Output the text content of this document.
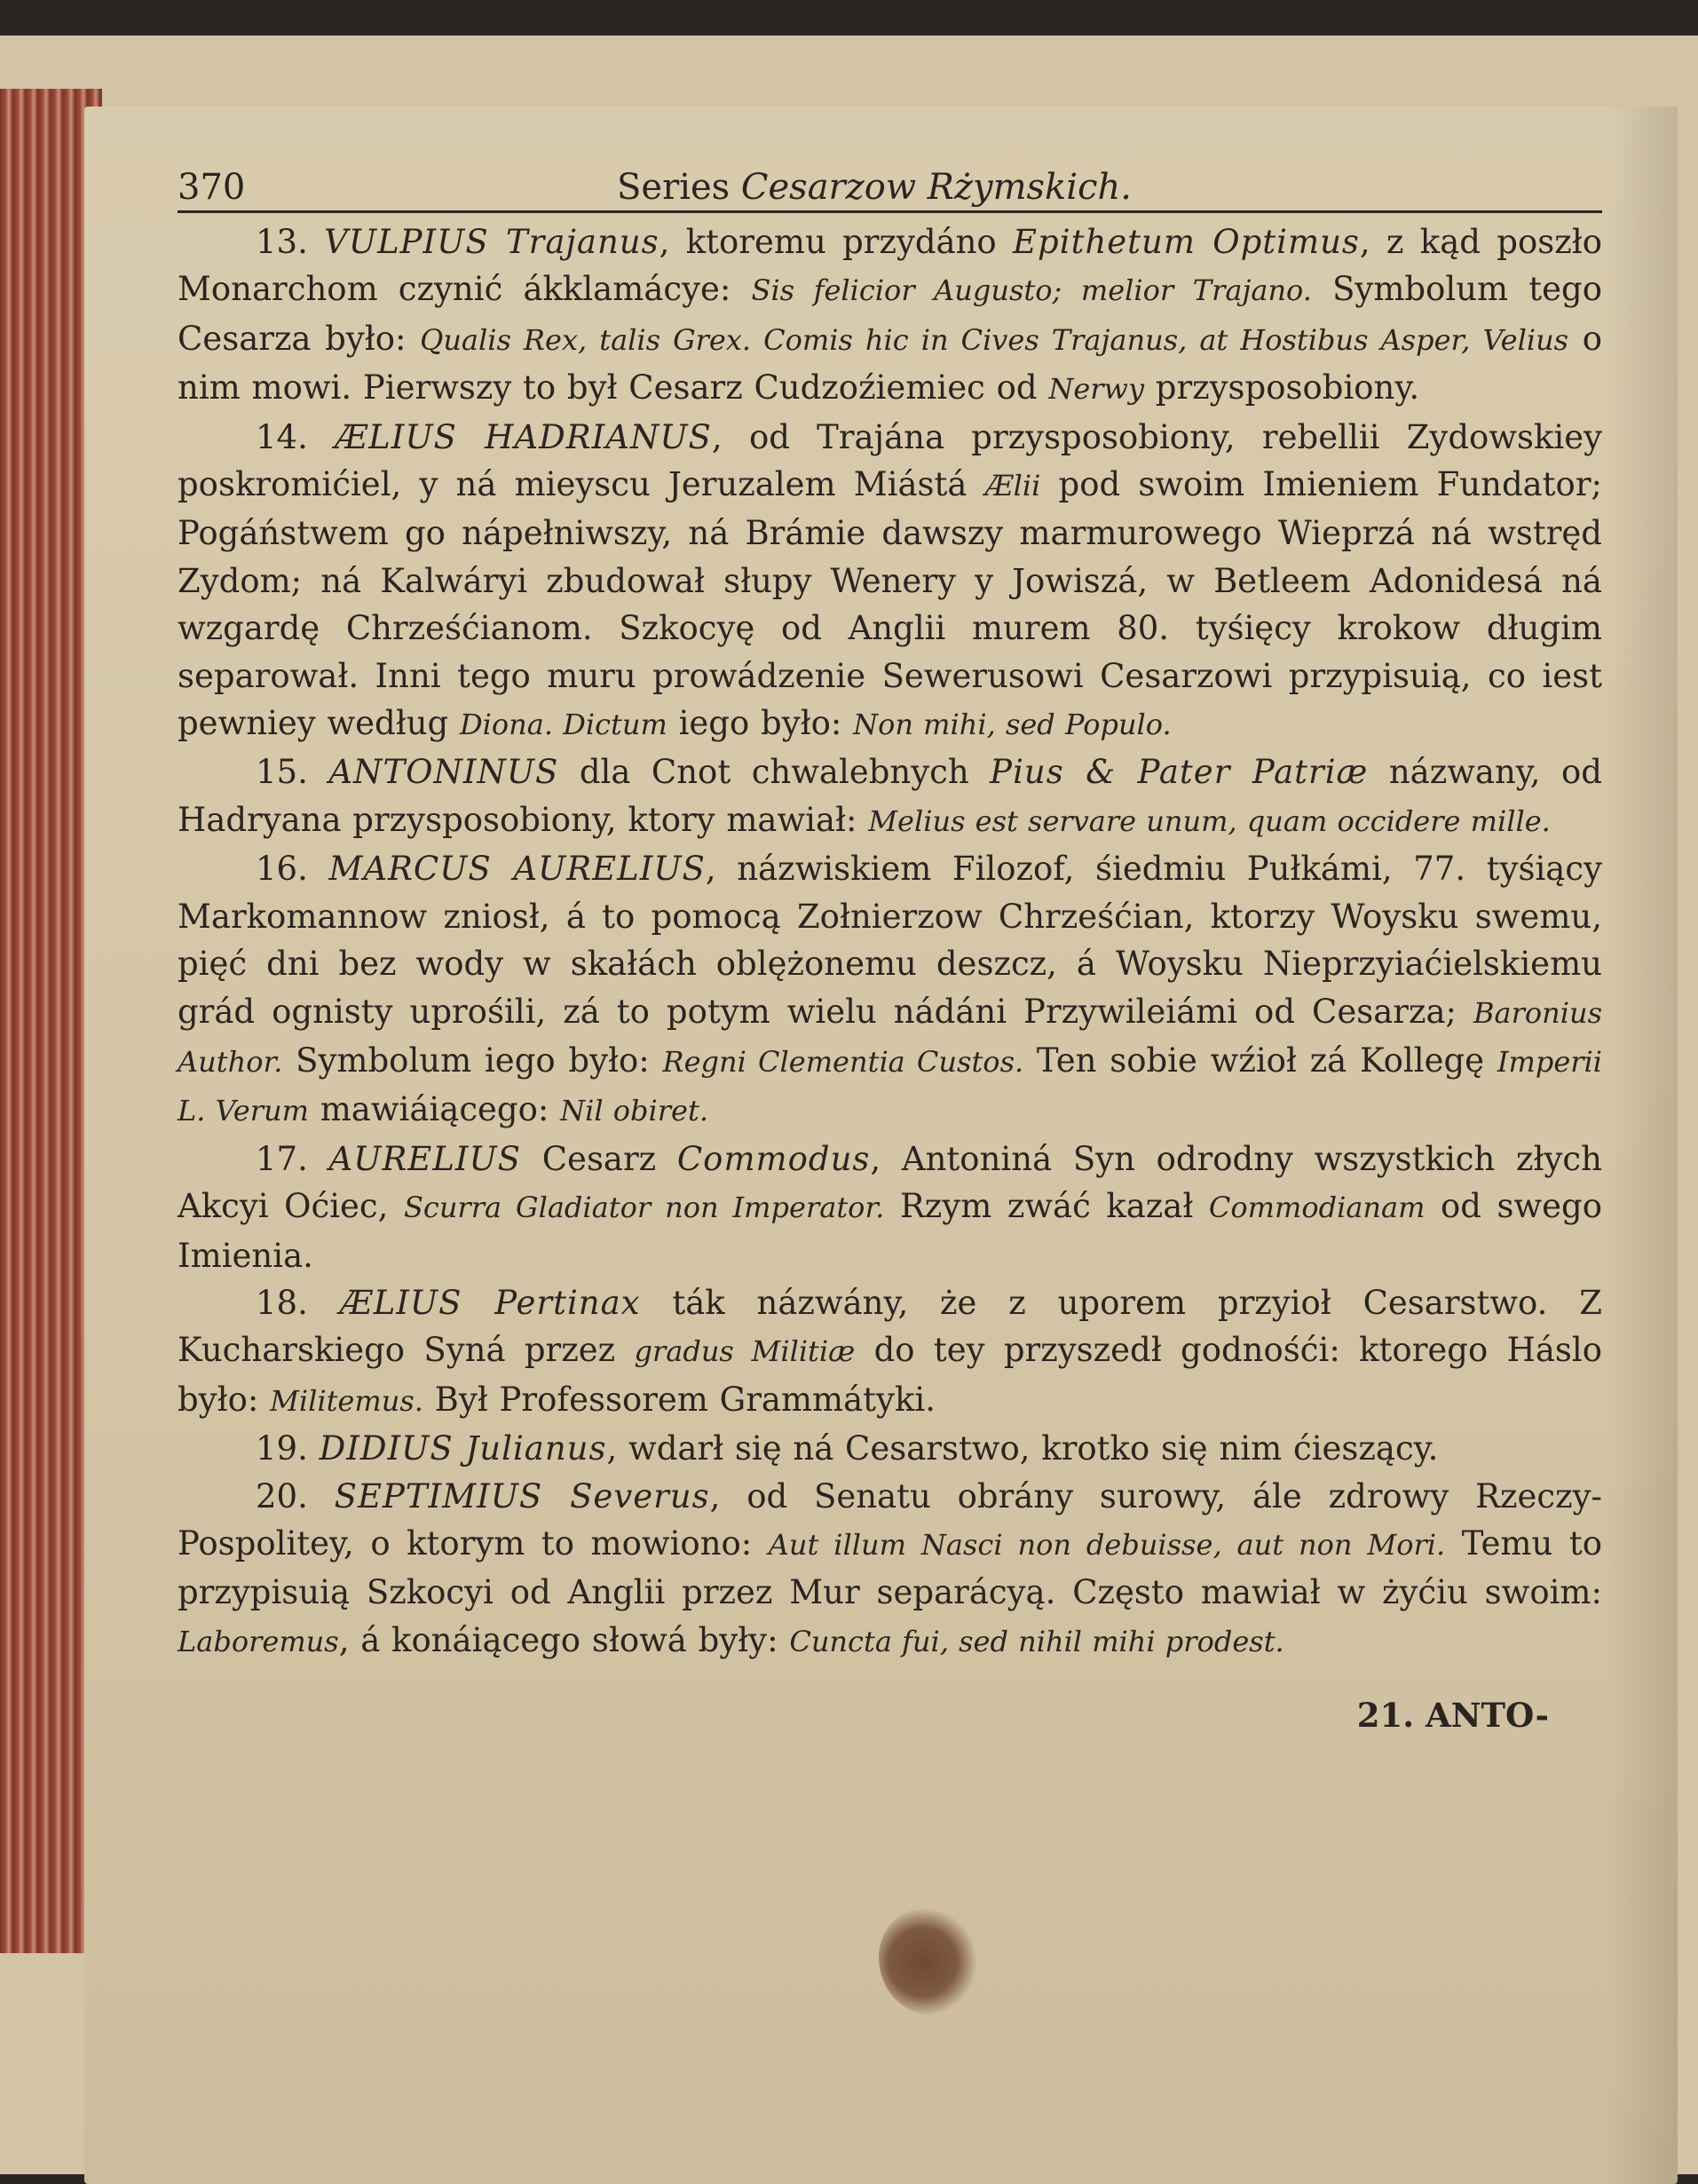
370	Series Cesarzow Rżymskich.

13. VULPIUS Trajanus, ktoremu przydáno Epithetum Optimus, z kąd poszło Monarchom czynić ákklamácye: Sis felicior Augusto; melior Trajano. Symbolum tego Cesarza było: Qualis Rex, talis Grex. Comis hic in Cives Trajanus, at Hostibus Asper, Velius o nim mowi. Pierwszy to był Cesarz Cudzoźiemiec od Nerwy przysposobiony.

14. ÆLIUS HADRIANUS, od Trajána przysposobiony, rebellii Zydowskiey poskromićiel, y ná mieyscu Jeruzalem Miástá Ælii pod swoim Imieniem Fundator; Pogáństwem go nápełniwszy, ná Brámie dawszy marmurowego Wieprzá ná wstręd Zydom; ná Kalwáryi zbudował słupy Wenery y Jowiszá, w Betleem Adonidesá ná wzgardę Chrześćianom. Szkocyę od Anglii murem 80. tyśięcy krokow długim separował. Inni tego muru prowádzenie Sewerusowi Cesarzowi przypisuią, co iest pewniey według Diona. Dictum iego było: Non mihi, sed Populo.

15. ANTONINUS dla Cnot chwalebnych Pius & Pater Patriæ názwany, od Hadryana przysposobiony, ktory mawiał: Melius est servare unum, quam occidere mille.

16. MARCUS AURELIUS, názwiskiem Filozof, śiedmiu Pułkámi, 77. tyśiący Markomannow zniosł, á to pomocą Zołnierzow Chrześćian, ktorzy Woysku swemu, pięć dni bez wody w skałách oblężonemu deszcz, á Woysku Nieprzyiaćielskiemu grád ognisty uprośili, zá to potym wielu nádáni Przywileiámi od Cesarza; Baronius Author. Symbolum iego było: Regni Clementia Custos. Ten sobie wźioł zá Kollegę Imperii L. Verum mawiáiącego: Nil obiret.

17. AURELIUS Cesarz Commodus, Antoniná Syn odrodny wszystkich złych Akcyi Oćiec, Scurra Gladiator non Imperator. Rzym zwáć kazał Commodianam od swego Imienia.

18. ÆLIUS Pertinax ták názwány, że z uporem przyioł Cesarstwo. Z Kucharskiego Syná przez gradus Militiæ do tey przyszedł godnośći: ktorego Háslo było: Militemus. Był Professorem Grammátyki.

19. DIDIUS Julianus, wdarł się ná Cesarstwo, krotko się nim ćieszący.

20. SEPTIMIUS Severus, od Senatu obrány surowy, ále zdrowy Rzeczy-Pospolitey, o ktorym to mowiono: Aut illum Nasci non debuisse, aut non Mori. Temu to przypisuią Szkocyi od Anglii przez Mur separácyą. Często mawiał w żyćiu swoim: Laboremus, á konáiącego słowá były: Cuncta fui, sed nihil mihi prodest.

21. ANTO-
